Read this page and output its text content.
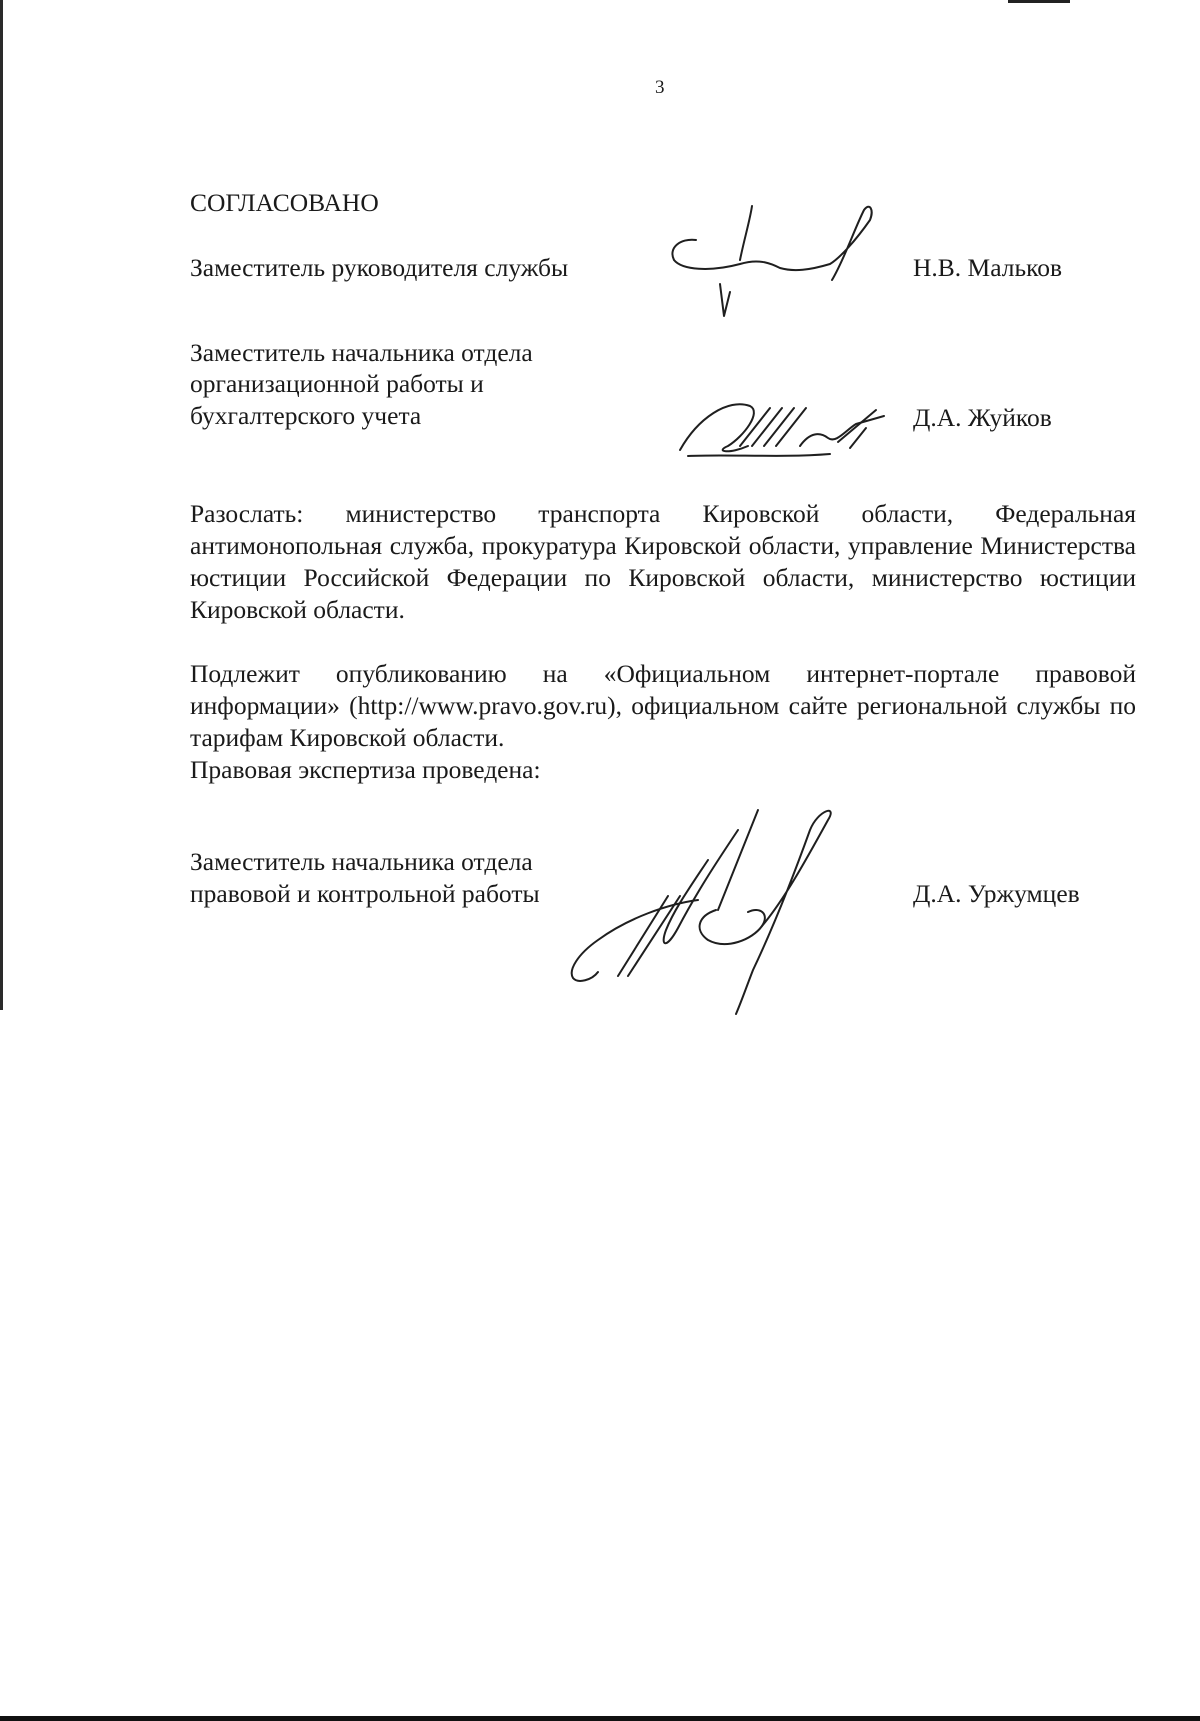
3
СОГЛАСОВАНО
Заместитель руководителя службы	Н.В. Мальков
Заместитель начальника отдела
организационной работы и
бухгалтерского учета	Д.А. Жуйков
Разослать: министерство транспорта Кировской области, Федеральная антимонопольная служба, прокуратура Кировской области, управление Министерства юстиции Российской Федерации по Кировской области, министерство юстиции Кировской области.
Подлежит опубликованию на «Официальном интернет-портале правовой информации» (http://www.pravo.gov.ru), официальном сайте региональной службы по тарифам Кировской области.
Правовая экспертиза проведена:
Заместитель начальника отдела
правовой и контрольной работы	Д.А. Уржумцев
